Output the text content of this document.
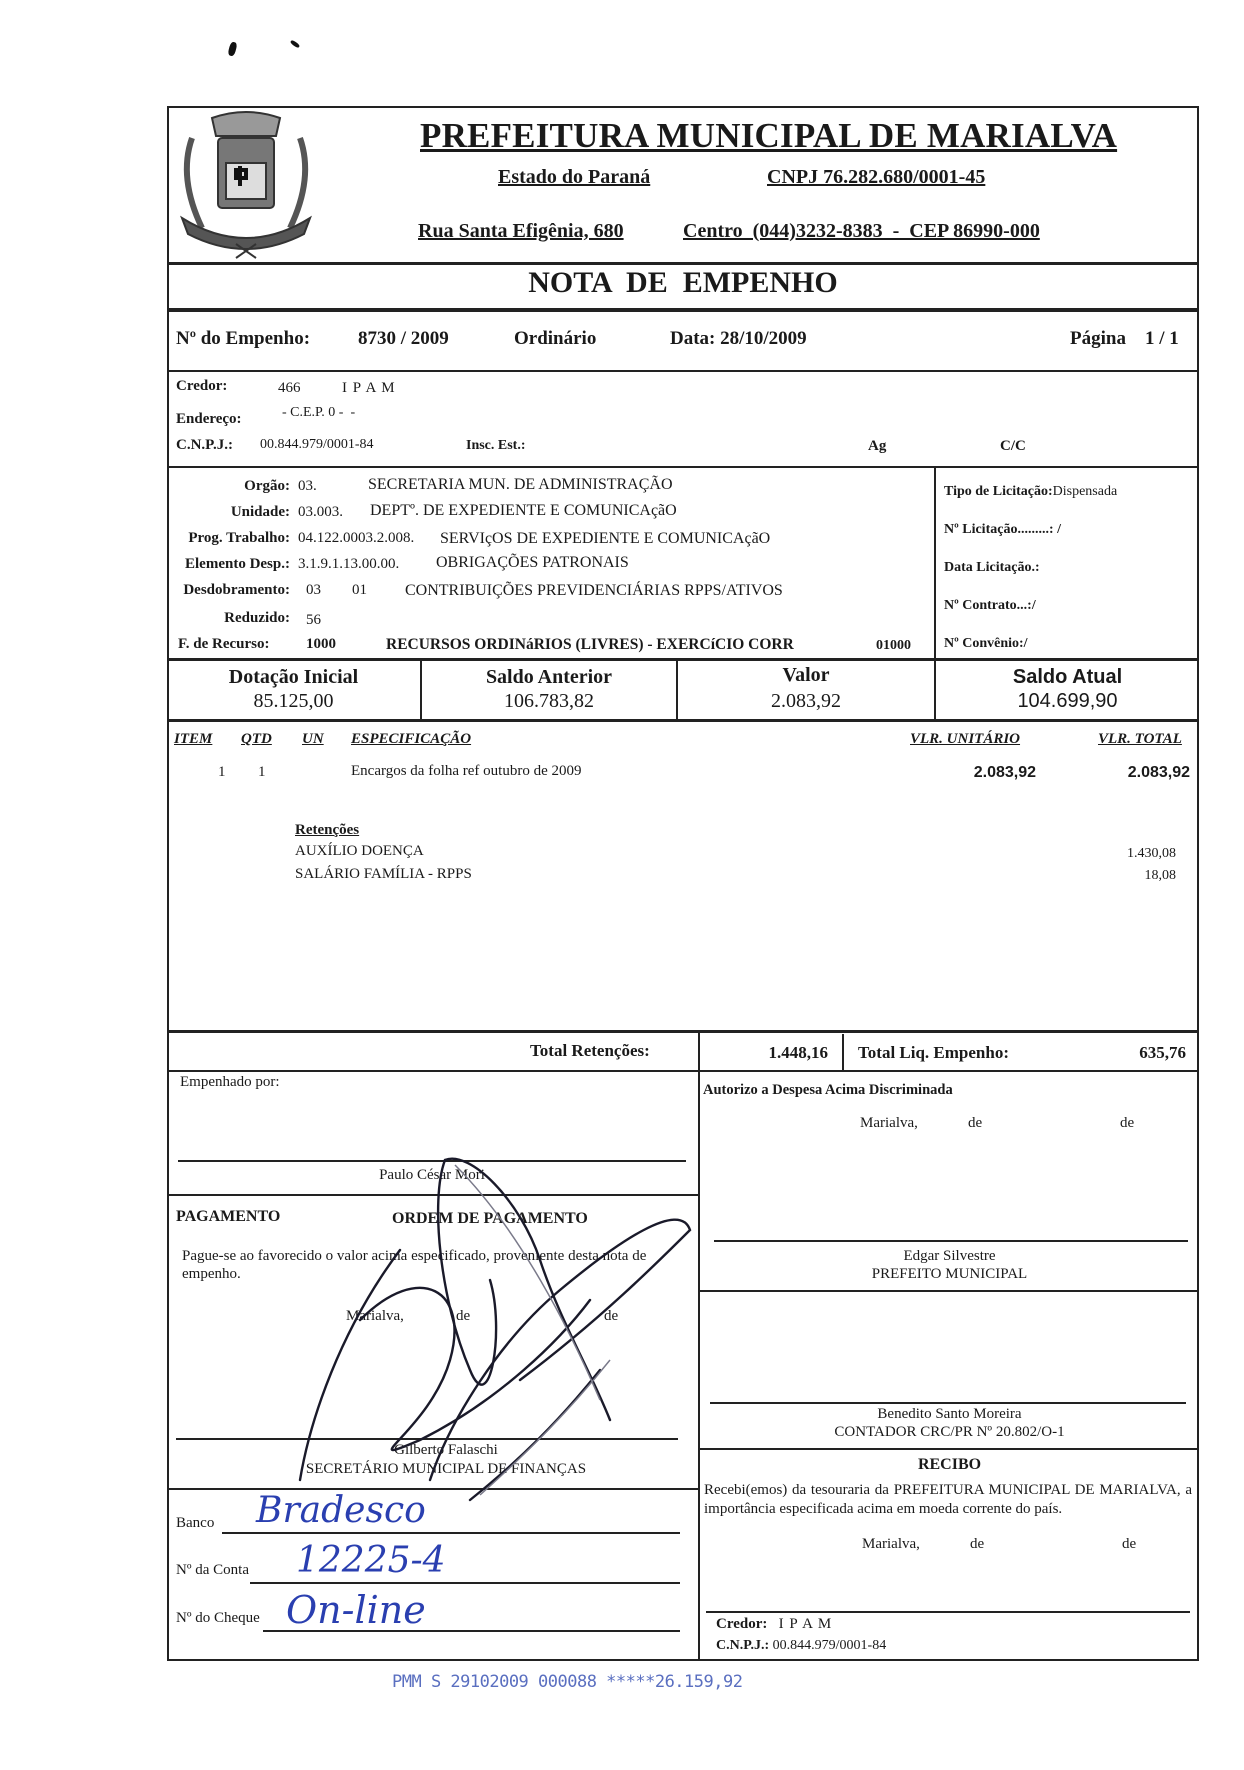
PREFEITURA MUNICIPAL DE MARIALVA
Estado do Paraná	CNPJ 76.282.680/0001-45
Rua Santa Efigênia, 680	Centro  (044)3232-8383  -  CEP 86990-000
NOTA  DE  EMPENHO
Nº do Empenho:	8730 / 2009	Ordinário	Data: 28/10/2009	Página 1 / 1
Credor:	466	I P A M
Endereço:	- C.E.P. 0 -  -
C.N.P.J.: 00.844.979/0001-84	Insc. Est.:	Ag	C/C
Orgão: 03.	SECRETARIA MUN. DE ADMINISTRAÇÃO
Unidade: 03.003. DEPTº. DE EXPEDIENTE E COMUNICAçãO
Prog. Trabalho: 04.122.0003.2.008. SERVIçOS DE EXPEDIENTE E COMUNICAçãO
Elemento Desp.: 3.1.9.1.13.00.00. OBRIGAÇÕES PATRONAIS
Desdobramento: 03 01 CONTRIBUIÇÕES PREVIDENCIÁRIAS RPPS/ATIVOS
Reduzido: 56
F. de Recurso: 1000	RECURSOS ORDINáRIOS (LIVRES) - EXERCíCIO CORR	01000
Tipo de Licitação:Dispensada
Nº Licitação.........: /
Data Licitação.:
Nº Contrato...:/
Nº Convênio:/
Dotação Inicial
85.125,00
Saldo Anterior
106.783,82
Valor
2.083,92
Saldo Atual
104.699,90
ITEM QTD UN ESPECIFICAÇÃO	VLR. UNITÁRIO	VLR. TOTAL
1 1	Encargos da folha ref outubro de 2009	2.083,92	2.083,92
Retenções
AUXÍLIO DOENÇA	1.430,08
SALÁRIO FAMÍLIA - RPPS	18,08
Total Retenções:	1.448,16 Total Liq. Empenho:	635,76
Empenhado por:
Paulo César Mori
PAGAMENTO	ORDEM DE PAGAMENTO
Pague-se ao favorecido o valor acima especificado, proveniente desta nota de empenho.
Marialva,	de	de
Gilberto Falaschi
SECRETÁRIO MUNICIPAL DE FINANÇAS
Banco Bradesco
Nº da Conta 12225-4
Nº do Cheque On-line
Autorizo a Despesa Acima Discriminada
Marialva,	de	de
Edgar Silvestre
PREFEITO MUNICIPAL
Benedito Santo Moreira
CONTADOR CRC/PR Nº 20.802/O-1
RECIBO
Recebi(emos) da tesouraria da PREFEITURA MUNICIPAL DE MARIALVA, a importância especificada acima em moeda corrente do país.
Marialva,	de	de
Credor: I P A M
C.N.P.J.: 00.844.979/0001-84
PMM S 29102009 000088 *****26.159,92
